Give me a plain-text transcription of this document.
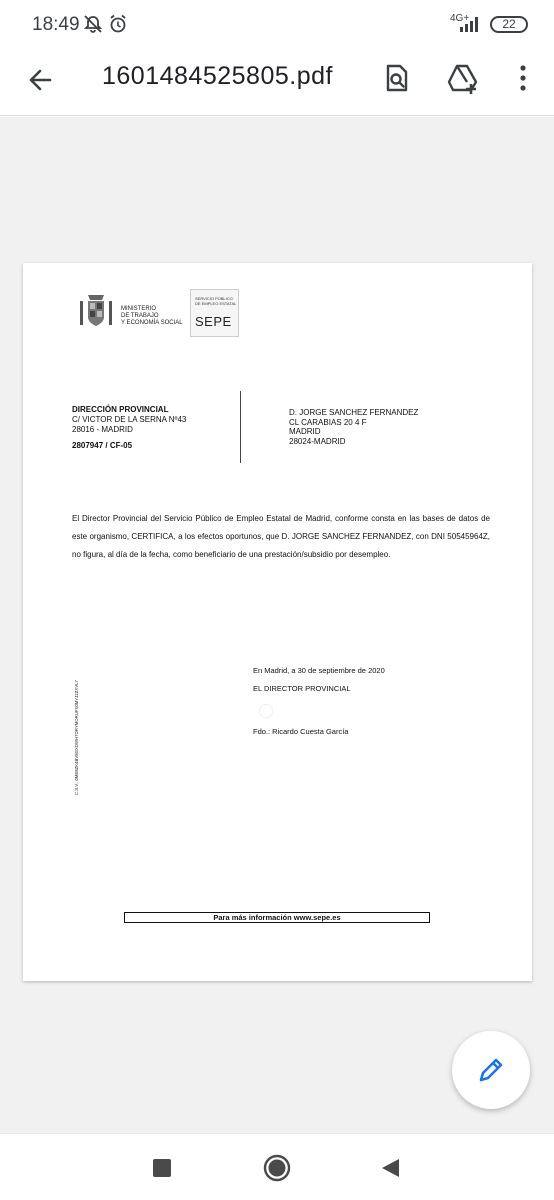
18:49	4G+	22
1601484525805.pdf
MINISTERIO
DE TRABAJO
Y ECONOMÍA SOCIAL
SERVICIO PÚBLICO
DE EMPLEO ESTATAL
SEPE
DIRECCIÓN PROVINCIAL
C/ VICTOR DE LA SERNA Nº43
28016 - MADRID
2807947 / CF-05
D. JORGE SANCHEZ FERNANDEZ
CL CARABIAS 20 4 F
MADRID
28024-MADRID
El Director Provincial del Servicio Público de Empleo Estatal de Madrid, conforme consta en las bases de datos de este organismo, CERTIFICA, a los efectos oportunos, que D. JORGE SANCHEZ FERNANDEZ, con DNI 50545964Z, no figura, al día de la fecha, como beneficiario de una prestación/subsidio por desempleo.
C.S.V.: 0ME8ZK4BV8GXDWH7ORYMORUFX0MYJ2ZXVL7
En Madrid, a 30 de septiembre de 2020
EL DIRECTOR PROVINCIAL
Fdo.: Ricardo Cuesta García
Para más información www.sepe.es
